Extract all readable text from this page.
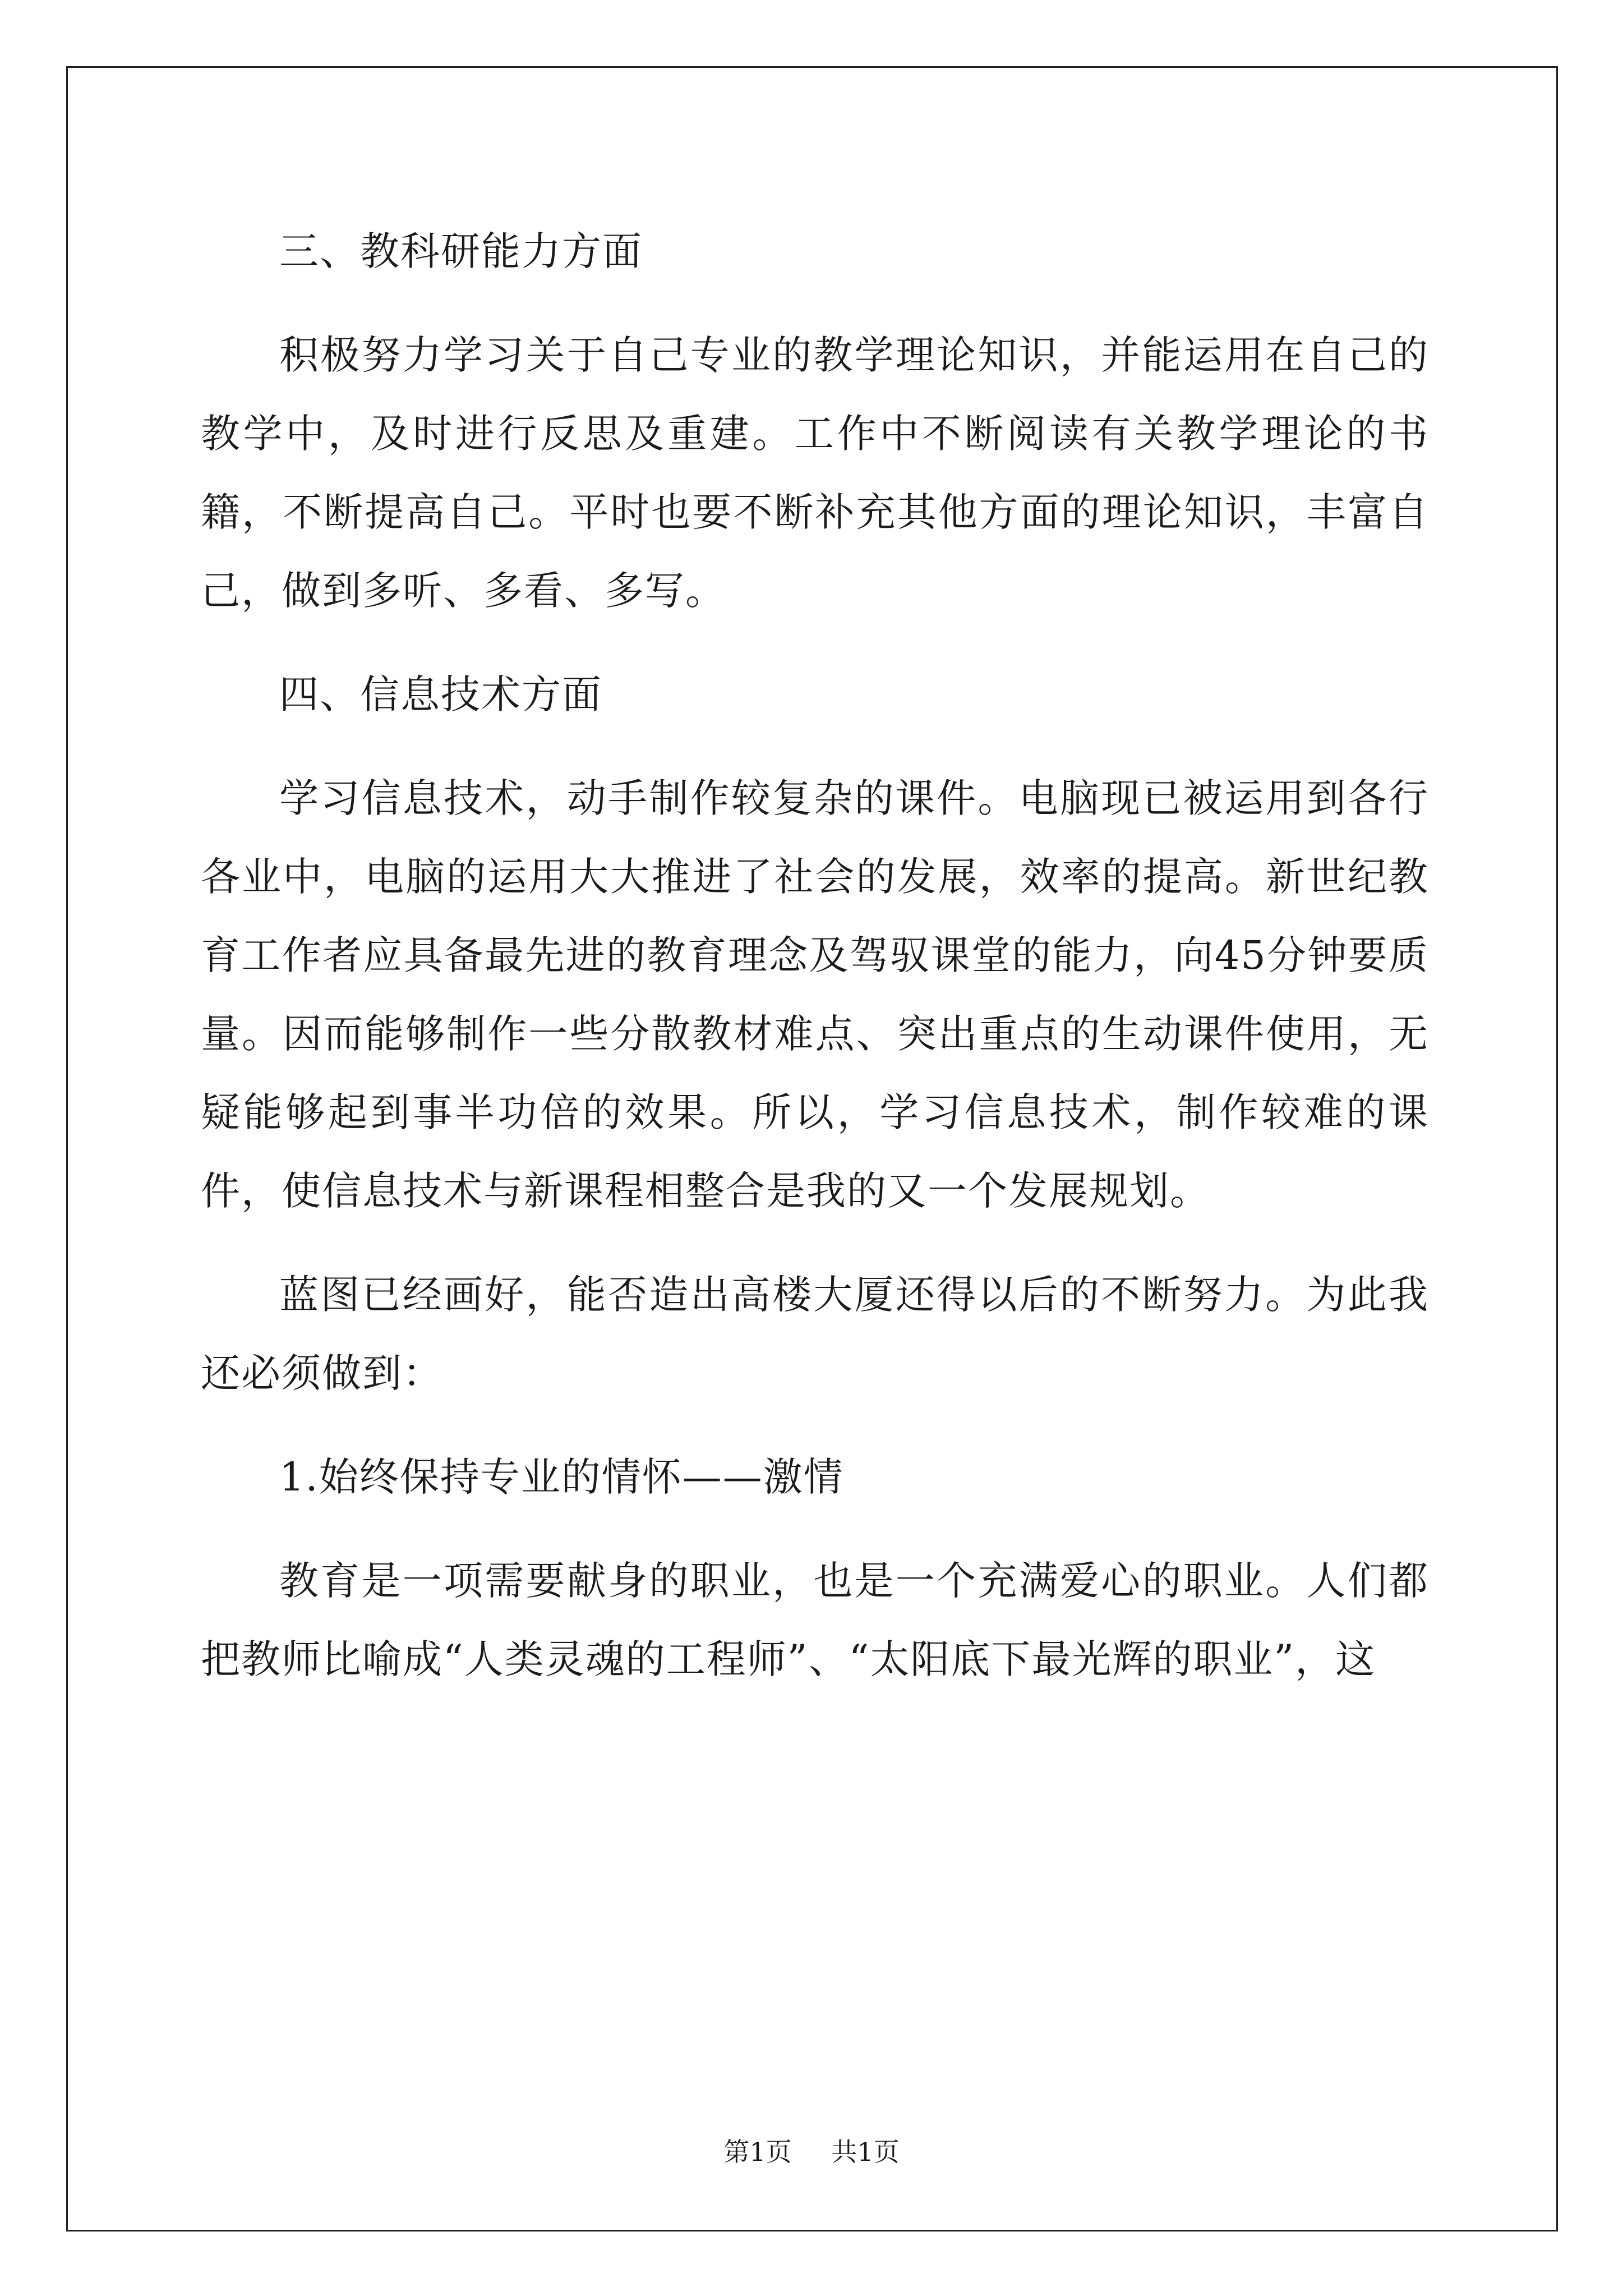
三、教科研能力方面

积极努力学习关于自己专业的教学理论知识，并能运用在自己的教学中，及时进行反思及重建。工作中不断阅读有关教学理论的书籍，不断提高自己。平时也要不断补充其他方面的理论知识，丰富自己，做到多听、多看、多写。

四、信息技术方面

学习信息技术，动手制作较复杂的课件。电脑现已被运用到各行各业中，电脑的运用大大推进了社会的发展，效率的提高。新世纪教育工作者应具备最先进的教育理念及驾驭课堂的能力，向45分钟要质量。因而能够制作一些分散教材难点、突出重点的生动课件使用，无疑能够起到事半功倍的效果。所以，学习信息技术，制作较难的课件，使信息技术与新课程相整合是我的又一个发展规划。

蓝图已经画好，能否造出高楼大厦还得以后的不断努力。为此我还必须做到：

1.始终保持专业的情怀——激情

教育是一项需要献身的职业，也是一个充满爱心的职业。人们都把教师比喻成“人类灵魂的工程师”、“太阳底下最光辉的职业”，这

第1页 共1页
